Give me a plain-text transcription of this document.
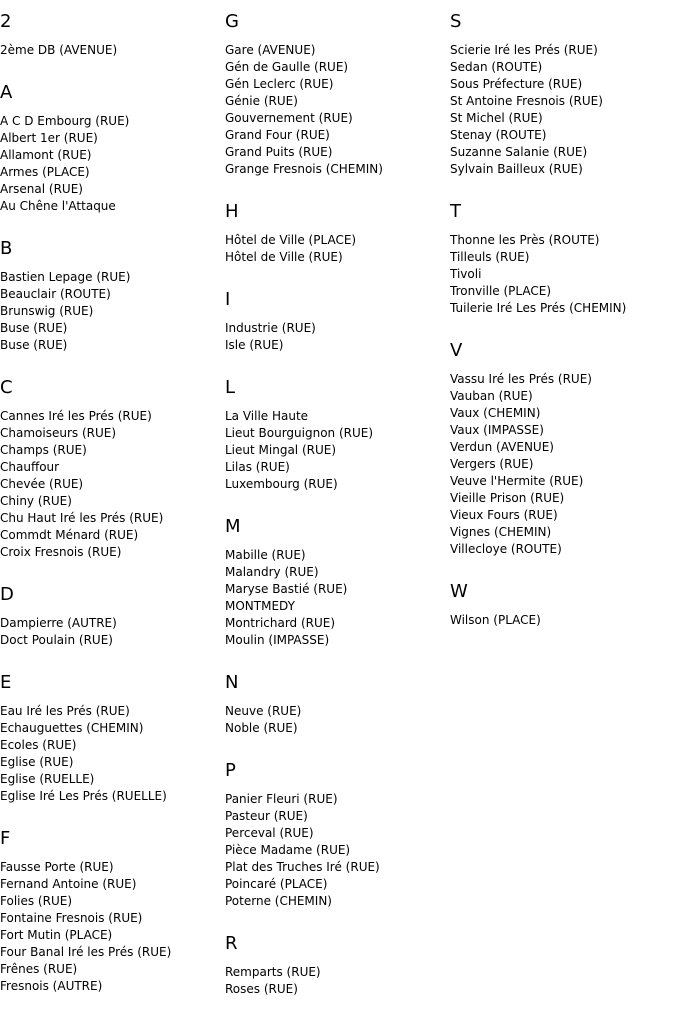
2
2ème DB (AVENUE)
A
A C D Embourg (RUE)
Albert 1er (RUE)
Allamont (RUE)
Armes (PLACE)
Arsenal (RUE)
Au Chêne l'Attaque
B
Bastien Lepage (RUE)
Beauclair (ROUTE)
Brunswig (RUE)
Buse (RUE)
Buse (RUE)
C
Cannes Iré les Prés (RUE)
Chamoiseurs (RUE)
Champs (RUE)
Chauffour
Chevée (RUE)
Chiny (RUE)
Chu Haut Iré les Prés (RUE)
Commdt Ménard (RUE)
Croix Fresnois (RUE)
D
Dampierre (AUTRE)
Doct Poulain (RUE)
E
Eau Iré les Prés (RUE)
Echauguettes (CHEMIN)
Ecoles (RUE)
Eglise (RUE)
Eglise (RUELLE)
Eglise Iré Les Prés (RUELLE)
F
Fausse Porte (RUE)
Fernand Antoine (RUE)
Folies (RUE)
Fontaine Fresnois (RUE)
Fort Mutin (PLACE)
Four Banal Iré les Prés (RUE)
Frênes (RUE)
Fresnois (AUTRE)
G
Gare (AVENUE)
Gén de Gaulle (RUE)
Gén Leclerc (RUE)
Génie (RUE)
Gouvernement (RUE)
Grand Four (RUE)
Grand Puits (RUE)
Grange Fresnois (CHEMIN)
H
Hôtel de Ville (PLACE)
Hôtel de Ville (RUE)
I
Industrie (RUE)
Isle (RUE)
L
La Ville Haute
Lieut Bourguignon (RUE)
Lieut Mingal (RUE)
Lilas (RUE)
Luxembourg (RUE)
M
Mabille (RUE)
Malandry (RUE)
Maryse Bastié (RUE)
MONTMEDY
Montrichard (RUE)
Moulin (IMPASSE)
N
Neuve (RUE)
Noble (RUE)
P
Panier Fleuri (RUE)
Pasteur (RUE)
Perceval (RUE)
Pièce Madame (RUE)
Plat des Truches Iré (RUE)
Poincaré (PLACE)
Poterne (CHEMIN)
R
Remparts (RUE)
Roses (RUE)
S
Scierie Iré les Prés (RUE)
Sedan (ROUTE)
Sous Préfecture (RUE)
St Antoine Fresnois (RUE)
St Michel (RUE)
Stenay (ROUTE)
Suzanne Salanie (RUE)
Sylvain Bailleux (RUE)
T
Thonne les Près (ROUTE)
Tilleuls (RUE)
Tivoli
Tronville (PLACE)
Tuilerie Iré Les Prés (CHEMIN)
V
Vassu Iré les Prés (RUE)
Vauban (RUE)
Vaux (CHEMIN)
Vaux (IMPASSE)
Verdun (AVENUE)
Vergers (RUE)
Veuve l'Hermite (RUE)
Vieille Prison (RUE)
Vieux Fours (RUE)
Vignes (CHEMIN)
Villecloye (ROUTE)
W
Wilson (PLACE)
